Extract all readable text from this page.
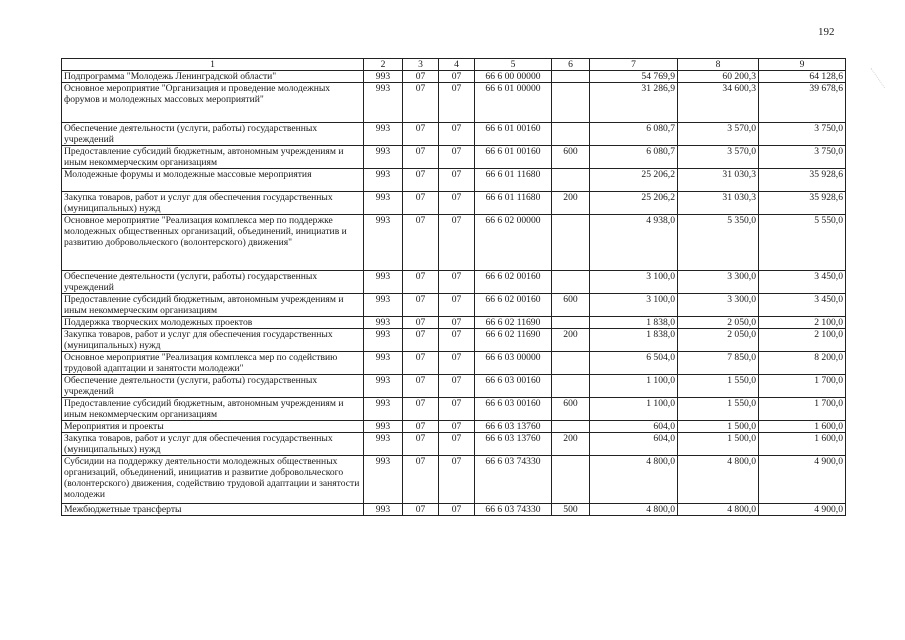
192
1	2	3	4	5	6	7	8	9
Подпрограмма "Молодежь Ленинградской области"	993	07	07	66 6 00 00000		54 769,9	60 200,3	64 128,6
Основное мероприятие "Организация и проведение молодежных форумов и молодежных массовых мероприятий"	993	07	07	66 6 01 00000		31 286,9	34 600,3	39 678,6
Обеспечение деятельности (услуги, работы) государственных учреждений	993	07	07	66 6 01 00160		6 080,7	3 570,0	3 750,0
Предоставление субсидий бюджетным, автономным учреждениям и иным некоммерческим организациям	993	07	07	66 6 01 00160	600	6 080,7	3 570,0	3 750,0
Молодежные форумы и молодежные массовые мероприятия	993	07	07	66 6 01 11680		25 206,2	31 030,3	35 928,6
Закупка товаров, работ и услуг для обеспечения государственных (муниципальных) нужд	993	07	07	66 6 01 11680	200	25 206,2	31 030,3	35 928,6
Основное мероприятие "Реализация комплекса мер по поддержке молодежных общественных организаций, объединений, инициатив и развитию добровольческого (волонтерского) движения"	993	07	07	66 6 02 00000		4 938,0	5 350,0	5 550,0
Обеспечение деятельности (услуги, работы) государственных учреждений	993	07	07	66 6 02 00160		3 100,0	3 300,0	3 450,0
Предоставление субсидий бюджетным, автономным учреждениям и иным некоммерческим организациям	993	07	07	66 6 02 00160	600	3 100,0	3 300,0	3 450,0
Поддержка творческих молодежных проектов	993	07	07	66 6 02 11690		1 838,0	2 050,0	2 100,0
Закупка товаров, работ и услуг для обеспечения государственных (муниципальных) нужд	993	07	07	66 6 02 11690	200	1 838,0	2 050,0	2 100,0
Основное мероприятие "Реализация комплекса мер по содействию трудовой адаптации и занятости молодежи"	993	07	07	66 6 03 00000		6 504,0	7 850,0	8 200,0
Обеспечение деятельности (услуги, работы) государственных учреждений	993	07	07	66 6 03 00160		1 100,0	1 550,0	1 700,0
Предоставление субсидий бюджетным, автономным учреждениям и иным некоммерческим организациям	993	07	07	66 6 03 00160	600	1 100,0	1 550,0	1 700,0
Мероприятия и проекты	993	07	07	66 6 03 13760		604,0	1 500,0	1 600,0
Закупка товаров, работ и услуг для обеспечения государственных (муниципальных) нужд	993	07	07	66 6 03 13760	200	604,0	1 500,0	1 600,0
Субсидии на поддержку деятельности молодежных общественных организаций, объединений, инициатив и развитие добровольческого (волонтерского) движения, содействию трудовой адаптации и занятости молодежи	993	07	07	66 6 03 74330		4 800,0	4 800,0	4 900,0
Межбюджетные трансферты	993	07	07	66 6 03 74330	500	4 800,0	4 800,0	4 900,0
